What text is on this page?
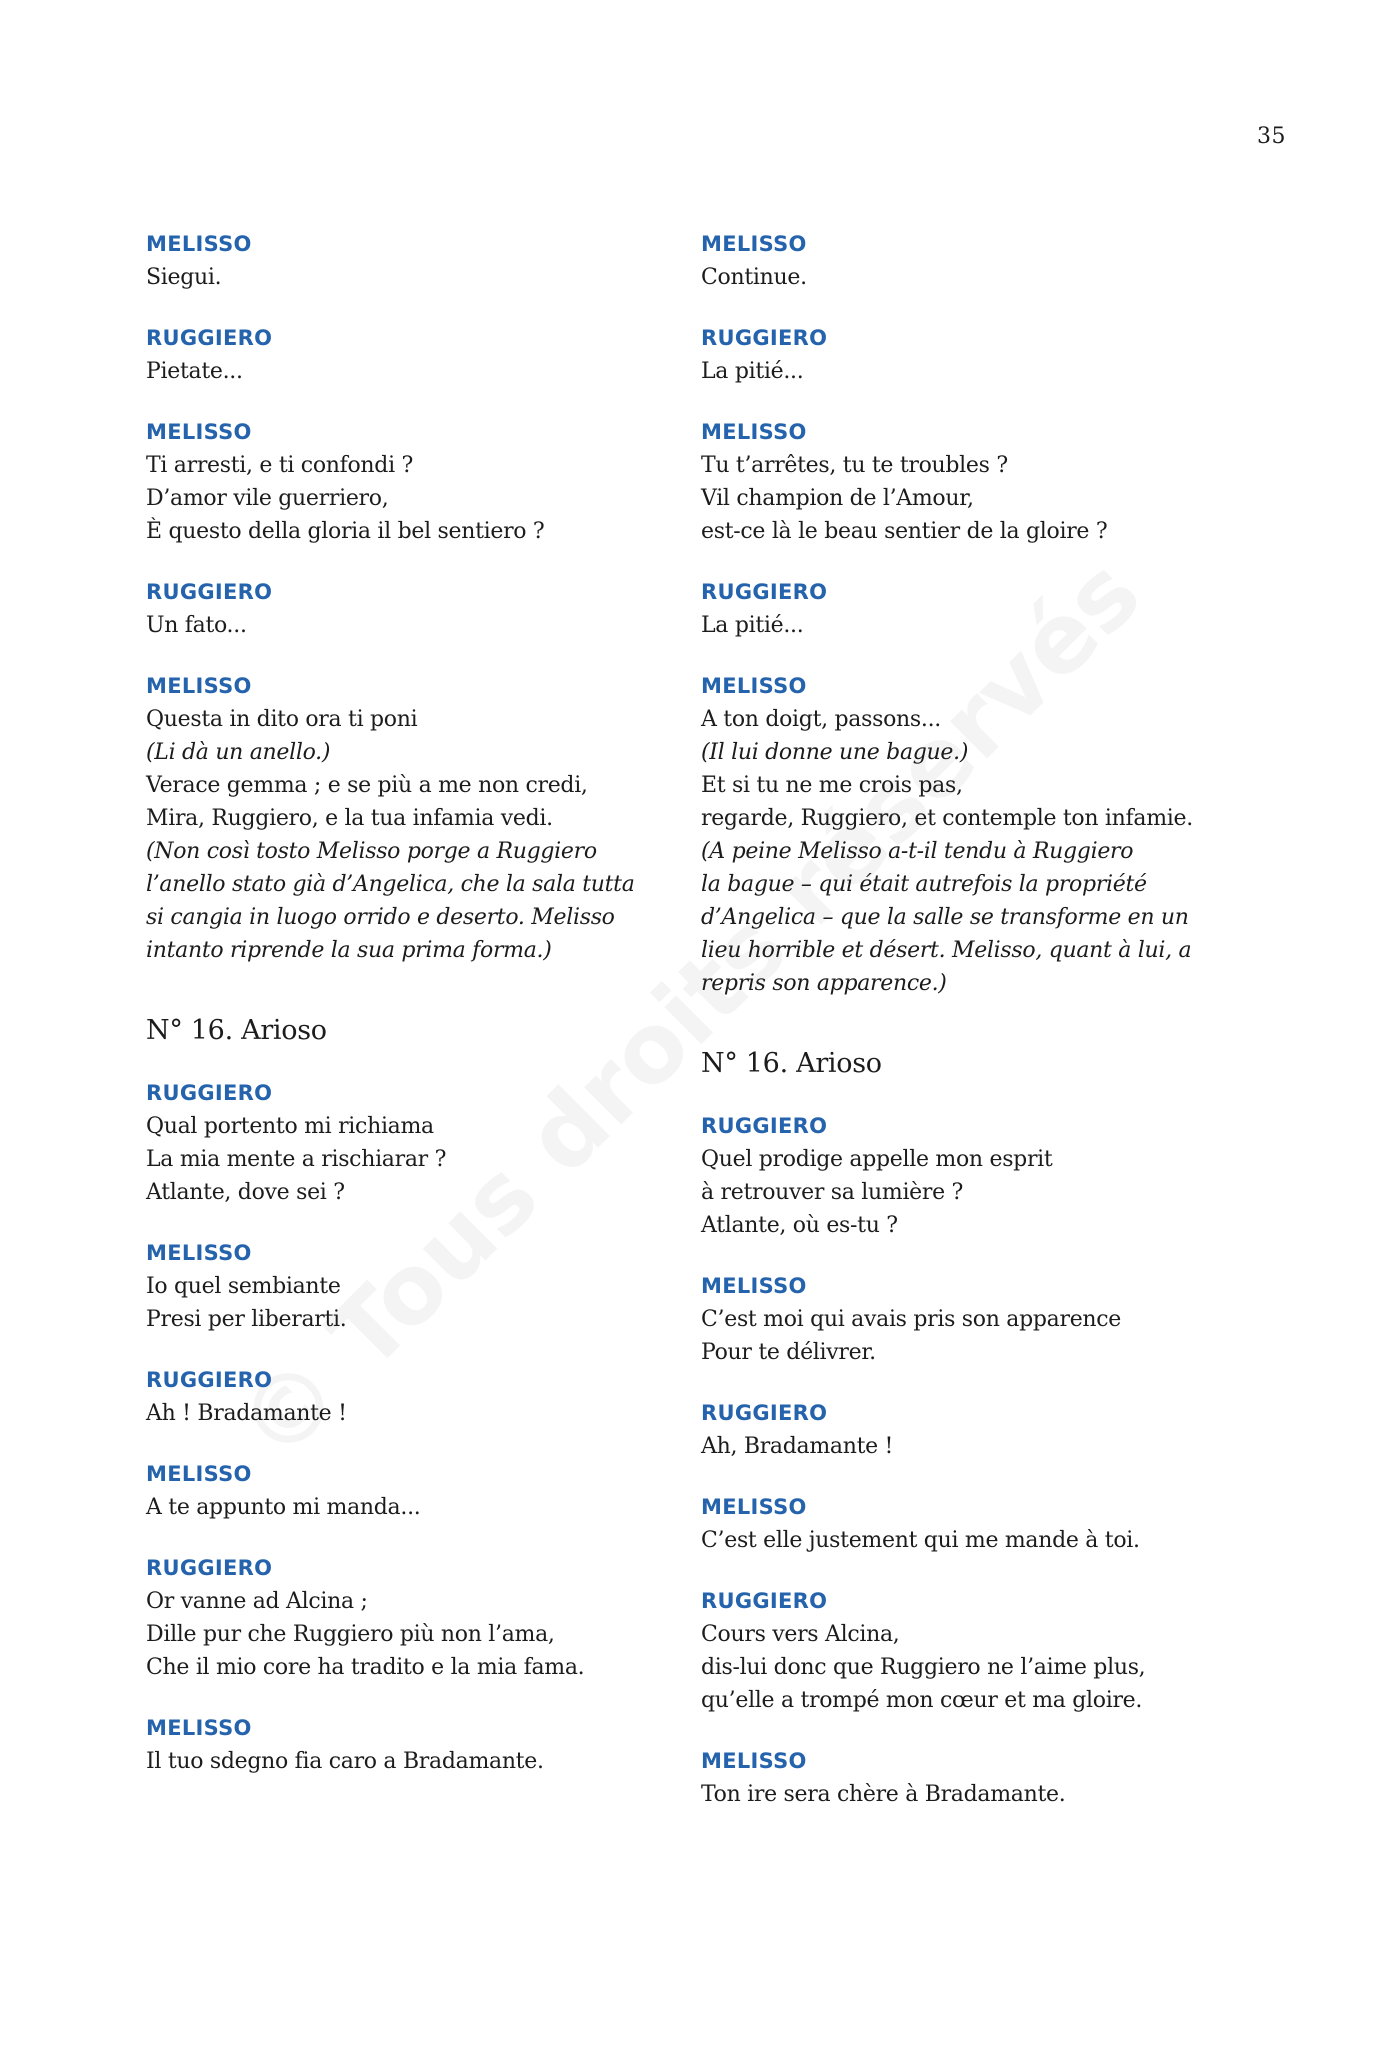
35
MELISSO
Siegui.
RUGGIERO
Pietate...
MELISSO
Ti arresti, e ti confondi ?
D’amor vile guerriero,
È questo della gloria il bel sentiero ?
RUGGIERO
Un fato...
MELISSO
Questa in dito ora ti poni
(Li dà un anello.)
Verace gemma ; e se più a me non credi,
Mira, Ruggiero, e la tua infamia vedi.
(Non così tosto Melisso porge a Ruggiero
l’anello stato già d’Angelica, che la sala tutta
si cangia in luogo orrido e deserto. Melisso
intanto riprende la sua prima forma.)
N° 16. Arioso
RUGGIERO
Qual portento mi richiama
La mia mente a rischiarar ?
Atlante, dove sei ?
MELISSO
Io quel sembiante
Presi per liberarti.
RUGGIERO
Ah ! Bradamante !
MELISSO
A te appunto mi manda...
RUGGIERO
Or vanne ad Alcina ;
Dille pur che Ruggiero più non l’ama,
Che il mio core ha tradito e la mia fama.
MELISSO
Il tuo sdegno fia caro a Bradamante.
MELISSO
Continue.
RUGGIERO
La pitié...
MELISSO
Tu t’arrêtes, tu te troubles ?
Vil champion de l’Amour,
est-ce là le beau sentier de la gloire ?
RUGGIERO
La pitié...
MELISSO
A ton doigt, passons...
(Il lui donne une bague.)
Et si tu ne me crois pas,
regarde, Ruggiero, et contemple ton infamie.
(A peine Melisso a-t-il tendu à Ruggiero
la bague – qui était autrefois la propriété
d’Angelica – que la salle se transforme en un
lieu horrible et désert. Melisso, quant à lui, a
repris son apparence.)
N° 16. Arioso
RUGGIERO
Quel prodige appelle mon esprit
à retrouver sa lumière ?
Atlante, où es-tu ?
MELISSO
C’est moi qui avais pris son apparence
Pour te délivrer.
RUGGIERO
Ah, Bradamante !
MELISSO
C’est elle justement qui me mande à toi.
RUGGIERO
Cours vers Alcina,
dis-lui donc que Ruggiero ne l’aime plus,
qu’elle a trompé mon cœur et ma gloire.
MELISSO
Ton ire sera chère à Bradamante.
